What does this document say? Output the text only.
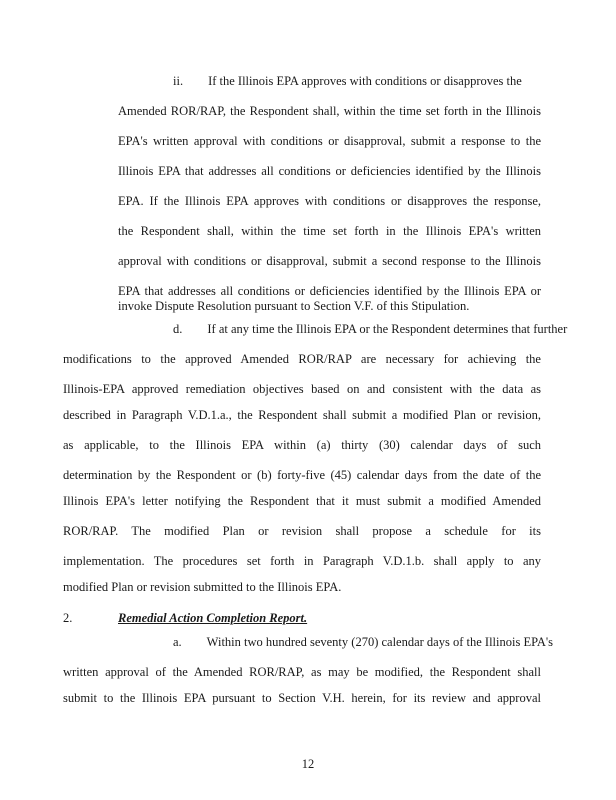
ii.  If the Illinois EPA approves with conditions or disapproves the
Amended ROR/RAP, the Respondent shall, within the time set forth in the Illinois
EPA's written approval with conditions or disapproval, submit a response to the
Illinois EPA that addresses all conditions or deficiencies identified by the Illinois
EPA. If the Illinois EPA approves with conditions or disapproves the response,
the Respondent shall, within the time set forth in the Illinois EPA's written
approval with conditions or disapproval, submit a second response to the Illinois
EPA that addresses all conditions or deficiencies identified by the Illinois EPA or
invoke Dispute Resolution pursuant to Section V.F. of this Stipulation.
d.  If at any time the Illinois EPA or the Respondent determines that further
modifications to the approved Amended ROR/RAP are necessary for achieving the
Illinois-EPA approved remediation objectives based on and consistent with the data as
described in Paragraph V.D.1.a., the Respondent shall submit a modified Plan or revision,
as applicable, to the Illinois EPA within (a) thirty (30) calendar days of such
determination by the Respondent or (b) forty-five (45) calendar days from the date of the
Illinois EPA's letter notifying the Respondent that it must submit a modified Amended
ROR/RAP. The modified Plan or revision shall propose a schedule for its
implementation. The procedures set forth in Paragraph V.D.1.b. shall apply to any
modified Plan or revision submitted to the Illinois EPA.
2.	Remedial Action Completion Report.
a.  Within two hundred seventy (270) calendar days of the Illinois EPA's
written approval of the Amended ROR/RAP, as may be modified, the Respondent shall
submit to the Illinois EPA pursuant to Section V.H. herein, for its review and approval
12
